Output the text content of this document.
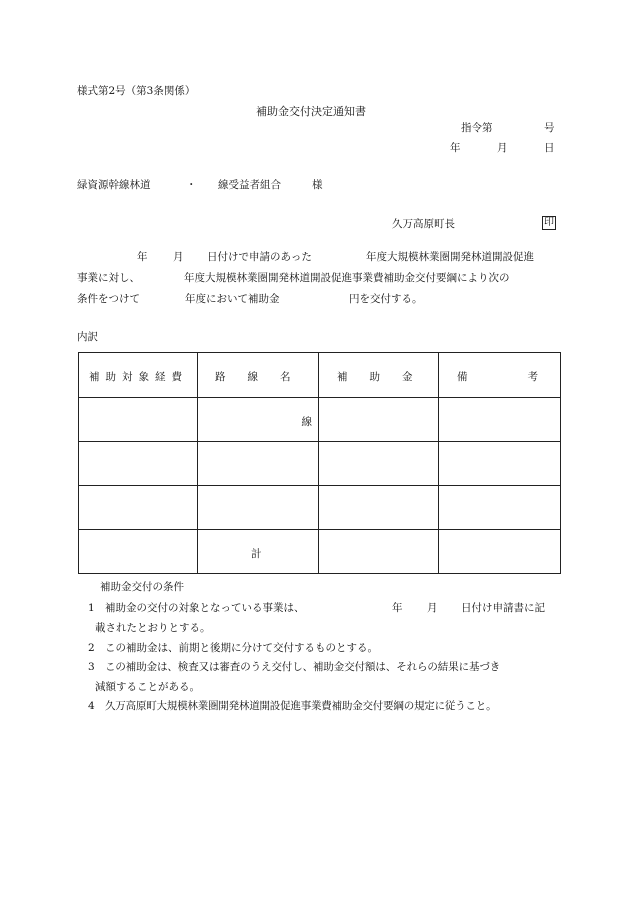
様式第2号（第3条関係）
補助金交付決定通知書
指令第	号
年	月	日
緑資源幹線林道	・ 線受益者組合	様
久万高原町長	印
年 月 日付けで申請のあった	年度大規模林業圏開発林道開設促進
事業に対し、	年度大規模林業圏開発林道開設促進事業費補助金交付要綱により次の
条件をつけて	年度において補助金	円を交付する。
内訳
補助対象経費	路線名	補助金	備考

	線		

	計		

補助金交付の条件
1 補助金の交付の対象となっている事業は、	年 月 日付け申請書に記
載されたとおりとする。
2 この補助金は、前期と後期に分けて交付するものとする。
3 この補助金は、検査又は審査のうえ交付し、補助金交付額は、それらの結果に基づき
減額することがある。
4 久万高原町大規模林業圏開発林道開設促進事業費補助金交付要綱の規定に従うこと。
